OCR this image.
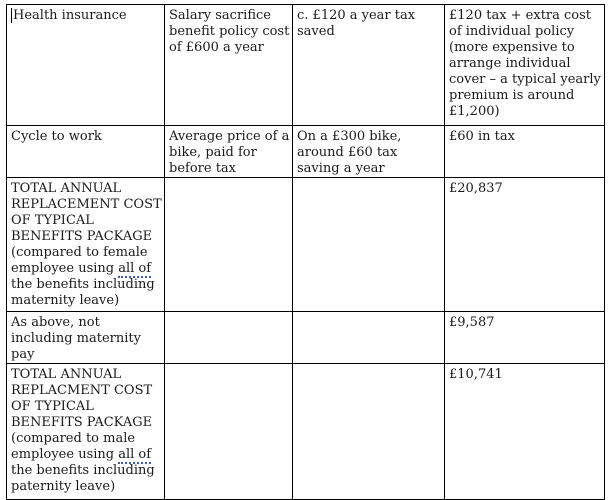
Health insurance	Salary sacrifice benefit policy cost of £600 a year	c. £120 a year tax saved	£120 tax + extra cost of individual policy (more expensive to arrange individual cover – a typical yearly premium is around £1,200)
Cycle to work	Average price of a bike, paid for before tax	On a £300 bike, around £60 tax saving a year	£60 in tax
TOTAL ANNUAL REPLACEMENT COST OF TYPICAL BENEFITS PACKAGE (compared to female employee using all of the benefits including maternity leave)			£20,837
As above, not including maternity pay			£9,587
TOTAL ANNUAL REPLACMENT COST OF TYPICAL BENEFITS PACKAGE (compared to male employee using all of the benefits including paternity leave)			£10,741
